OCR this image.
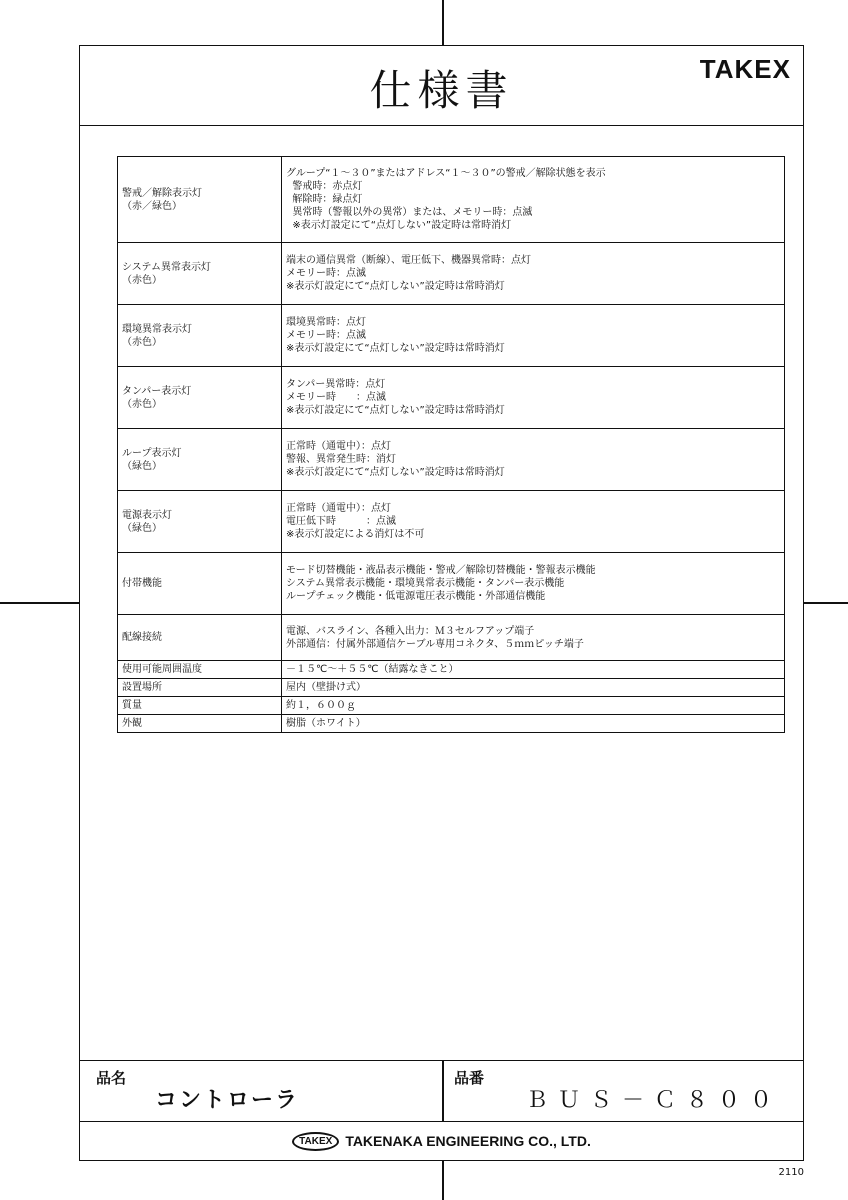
仕様書	TAKEX
警戒／解除表示灯
（赤／緑色）	グループ“１～３０”またはアドレス“１～３０”の警戒／解除状態を表示
警戒時：赤点灯
解除時：緑点灯
異常時（警報以外の異常）または、メモリー時：点滅
※表示灯設定にて“点灯しない”設定時は常時消灯

システム異常表示灯
（赤色）	端末の通信異常（断線）、電圧低下、機器異常時：点灯
メモリー時：点滅
※表示灯設定にて“点灯しない”設定時は常時消灯

環境異常表示灯
（赤色）	環境異常時：点灯
メモリー時：点滅
※表示灯設定にて“点灯しない”設定時は常時消灯

タンパー表示灯
（赤色）	タンパー異常時：点灯
メモリー時　　：点滅
※表示灯設定にて“点灯しない”設定時は常時消灯

ループ表示灯
（緑色）	正常時（通電中）：点灯
警報、異常発生時：消灯
※表示灯設定にて“点灯しない”設定時は常時消灯

電源表示灯
（緑色）	正常時（通電中）：点灯
電圧低下時　　　：点滅
※表示灯設定による消灯は不可

付帯機能	モード切替機能・液晶表示機能・警戒／解除切替機能・警報表示機能
システム異常表示機能・環境異常表示機能・タンパー表示機能
ループチェック機能・低電源電圧表示機能・外部通信機能

配線接続	電源、バスライン、各種入出力：Ｍ３セルフアップ端子
外部通信：付属外部通信ケーブル専用コネクタ、５ｍｍピッチ端子

使用可能周囲温度	－１５℃～＋５５℃（結露なきこと）

設置場所	屋内（壁掛け式）

質量	約１，６００ｇ

外観	樹脂（ホワイト）
品名
コントローラ
品番
ＢＵＳ－Ｃ８００
TAKEX TAKENAKA ENGINEERING CO., LTD.
2110
